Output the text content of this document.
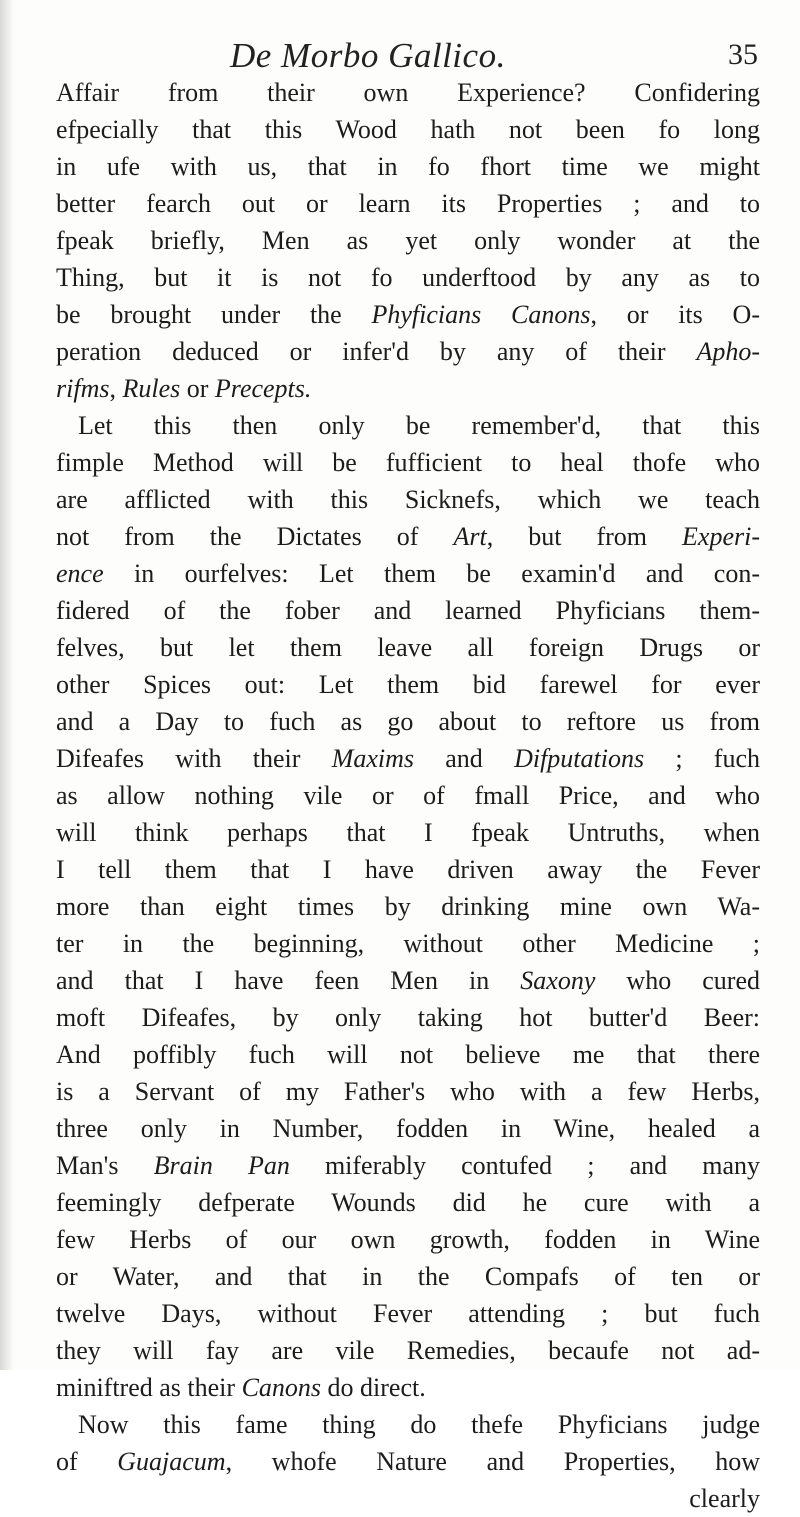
De Morbo Gallico.	35
Affair from their own Experience? Confidering
efpecially that this Wood hath not been fo long
in ufe with us, that in fo fhort time we might
better fearch out or learn its Properties ; and to
fpeak briefly, Men as yet only wonder at the
Thing, but it is not fo underftood by any as to
be brought under the Phyficians Canons, or its O-
peration deduced or infer'd by any of their Apho-
rifms, Rules or Precepts.
Let this then only be remember'd, that this
fimple Method will be fufficient to heal thofe who
are afflicted with this Sicknefs, which we teach
not from the Dictates of Art, but from Experi-
ence in ourfelves: Let them be examin'd and con-
fidered of the fober and learned Phyficians them-
felves, but let them leave all foreign Drugs or
other Spices out: Let them bid farewel for ever
and a Day to fuch as go about to reftore us from
Difeafes with their Maxims and Difputations ; fuch
as allow nothing vile or of fmall Price, and who
will think perhaps that I fpeak Untruths, when
I tell them that I have driven away the Fever
more than eight times by drinking mine own Wa-
ter in the beginning, without other Medicine ;
and that I have feen Men in Saxony who cured
moft Difeafes, by only taking hot butter'd Beer:
And poffibly fuch will not believe me that there
is a Servant of my Father's who with a few Herbs,
three only in Number, fodden in Wine, healed a
Man's Brain Pan miferably contufed ; and many
feemingly defperate Wounds did he cure with a
few Herbs of our own growth, fodden in Wine
or Water, and that in the Compafs of ten or
twelve Days, without Fever attending ; but fuch
they will fay are vile Remedies, becaufe not ad-
miniftred as their Canons do direct.
Now this fame thing do thefe Phyficians judge
of Guajacum, whofe Nature and Properties, how
clearly
